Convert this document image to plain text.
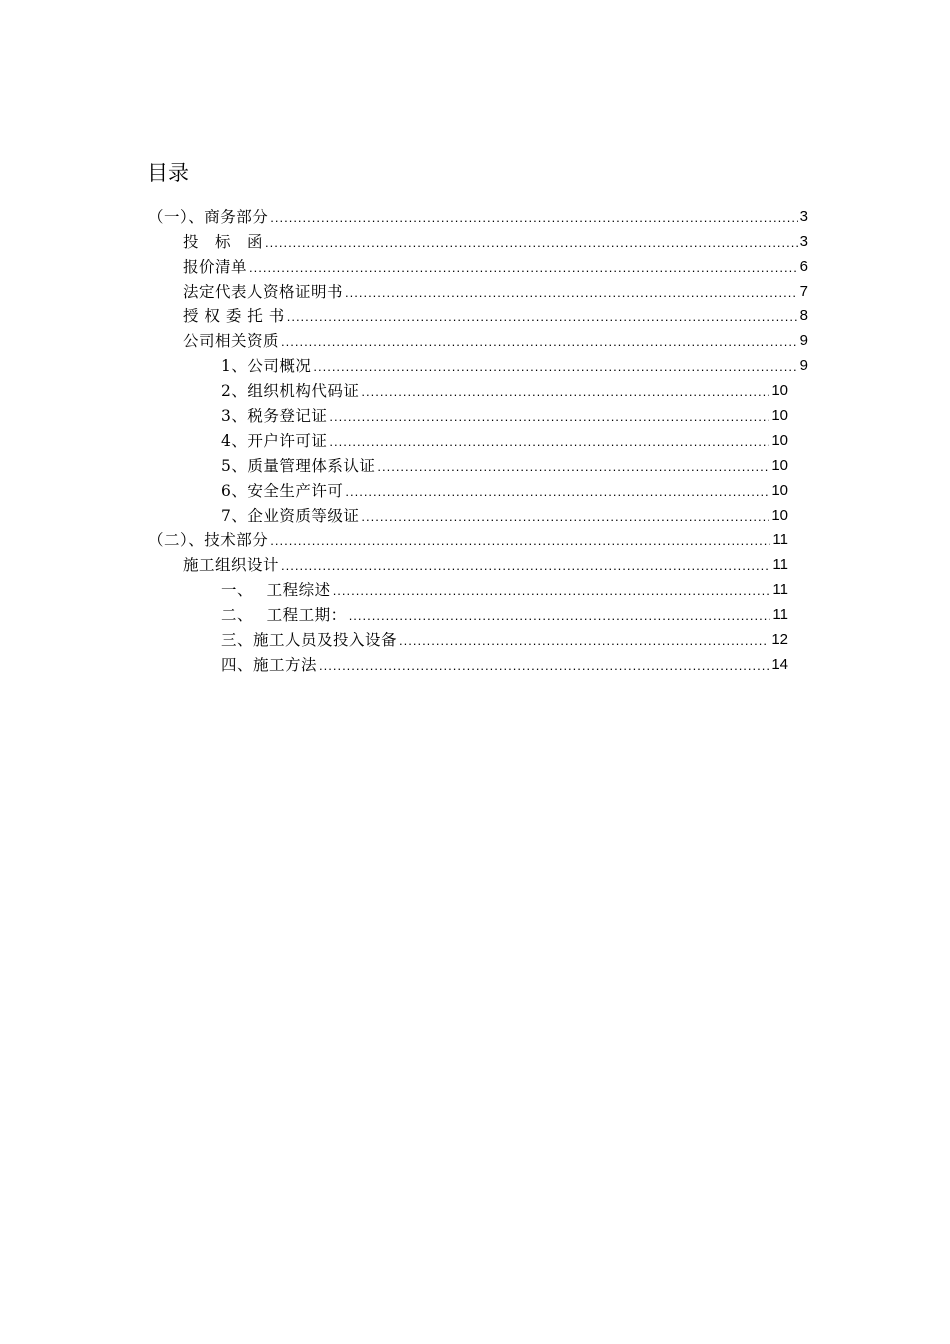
目录
（一）、商务部分 .....	3
投　标　函 .....	3
报价清单 .....	6
法定代表人资格证明书 .....	7
授 权 委 托 书 .....	8
公司相关资质 .....	9
1、公司概况 .....	9
2、组织机构代码证 .....	10
3、税务登记证 .....	10
4、开户许可证 .....	10
5、质量管理体系认证 .....	10
6、安全生产许可 .....	10
7、企业资质等级证 .....	10
（二）、技术部分 .....	11
施工组织设计 .....	11
一、　 工程综述 .....	11
二、　 工程工期： .....	11
三、施工人员及投入设备 .....	12
四、施工方法 .....	14
